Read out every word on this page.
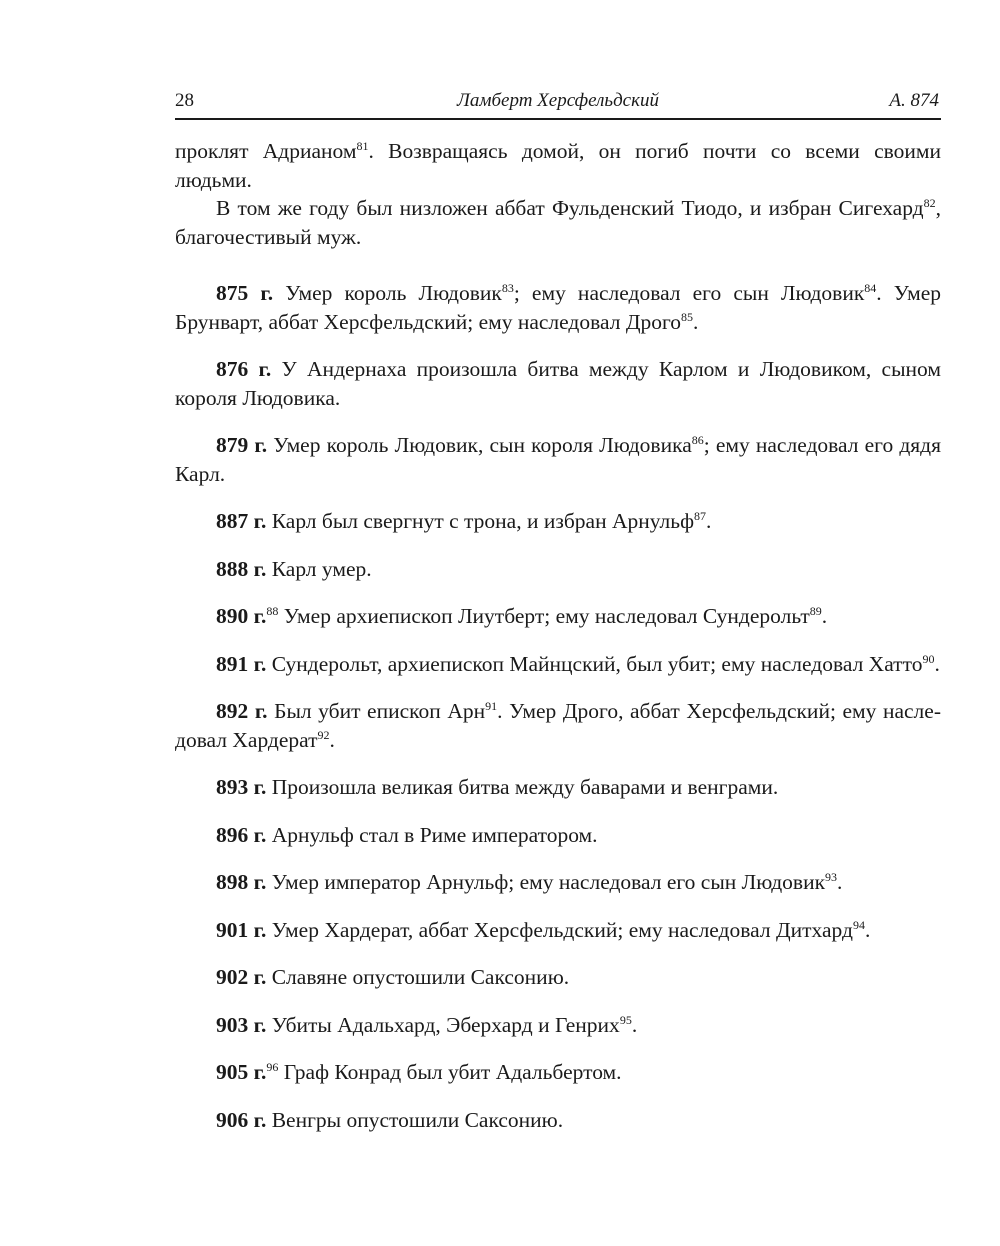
28	Ламберт Херсфельдский	А. 874

проклят Адрианом$^{81}$. Возвращаясь домой, он погиб почти со всеми своими людьми.

В том же году был низложен аббат Фульденский Тиодо, и избран Сигехард$^{82}$, благочестивый муж.

875 г. Умер король Людовик$^{83}$; ему наследовал его сын Людовик$^{84}$. Умер Брунварт, аббат Херсфельдский; ему наследовал Дрого$^{85}$.

876 г. У Андернаха произошла битва между Карлом и Людовиком, сыном короля Людовика.

879 г. Умер король Людовик, сын короля Людовика$^{86}$; ему наследовал его дядя Карл.

887 г. Карл был свергнут с трона, и избран Арнульф$^{87}$.

888 г. Карл умер.

890 г.$^{88}$ Умер архиепископ Лиутберт; ему наследовал Сундерольт$^{89}$.

891 г. Сундерольт, архиепископ Майнцский, был убит; ему наследовал Хатто$^{90}$.

892 г. Был убит епископ Арн$^{91}$. Умер Дрого, аббат Херсфельдский; ему наследовал Хардерат$^{92}$.

893 г. Произошла великая битва между баварами и венграми.

896 г. Арнульф стал в Риме императором.

898 г. Умер император Арнульф; ему наследовал его сын Людовик$^{93}$.

901 г. Умер Хардерат, аббат Херсфельдский; ему наследовал Дитхард$^{94}$.

902 г. Славяне опустошили Саксонию.

903 г. Убиты Адальхард, Эберхард и Генрих$^{95}$.

905 г.$^{96}$ Граф Конрад был убит Адальбертом.

906 г. Венгры опустошили Саксонию.
